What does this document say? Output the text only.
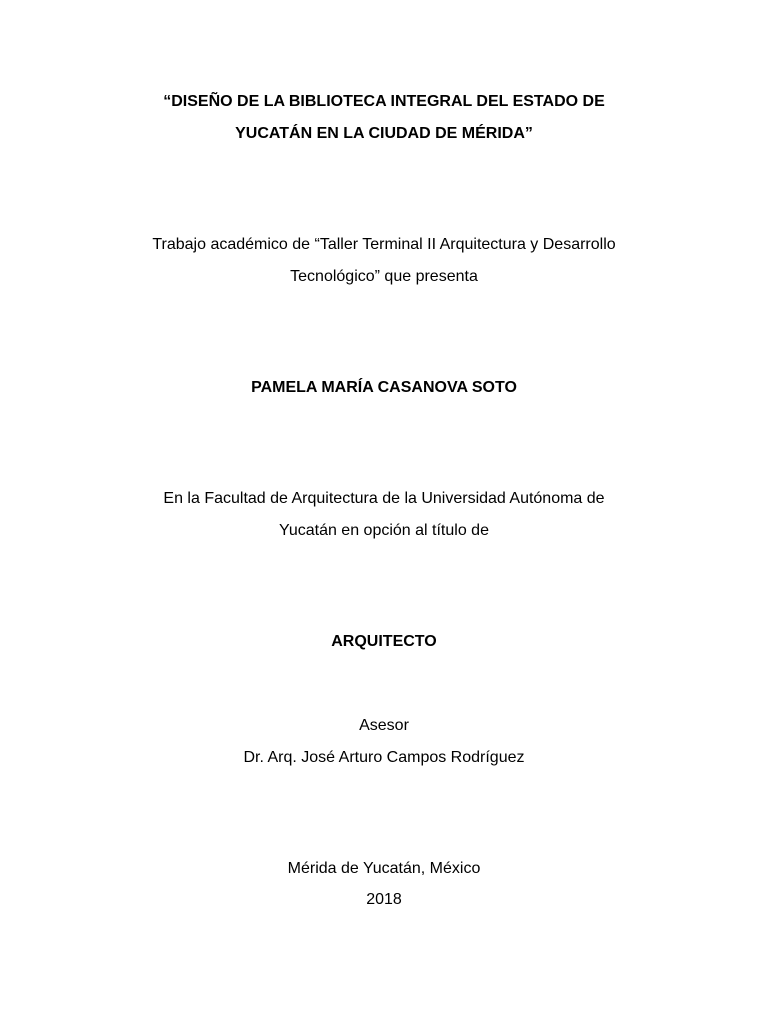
“DISEÑO DE LA BIBLIOTECA INTEGRAL DEL ESTADO DE
YUCATÁN EN LA CIUDAD DE MÉRIDA”
Trabajo académico de “Taller Terminal II Arquitectura y Desarrollo
Tecnológico” que presenta
PAMELA MARÍA CASANOVA SOTO
En la Facultad de Arquitectura de la Universidad Autónoma de
Yucatán en opción al título de
ARQUITECTO
Asesor
Dr. Arq. José Arturo Campos Rodríguez
Mérida de Yucatán, México
2018
